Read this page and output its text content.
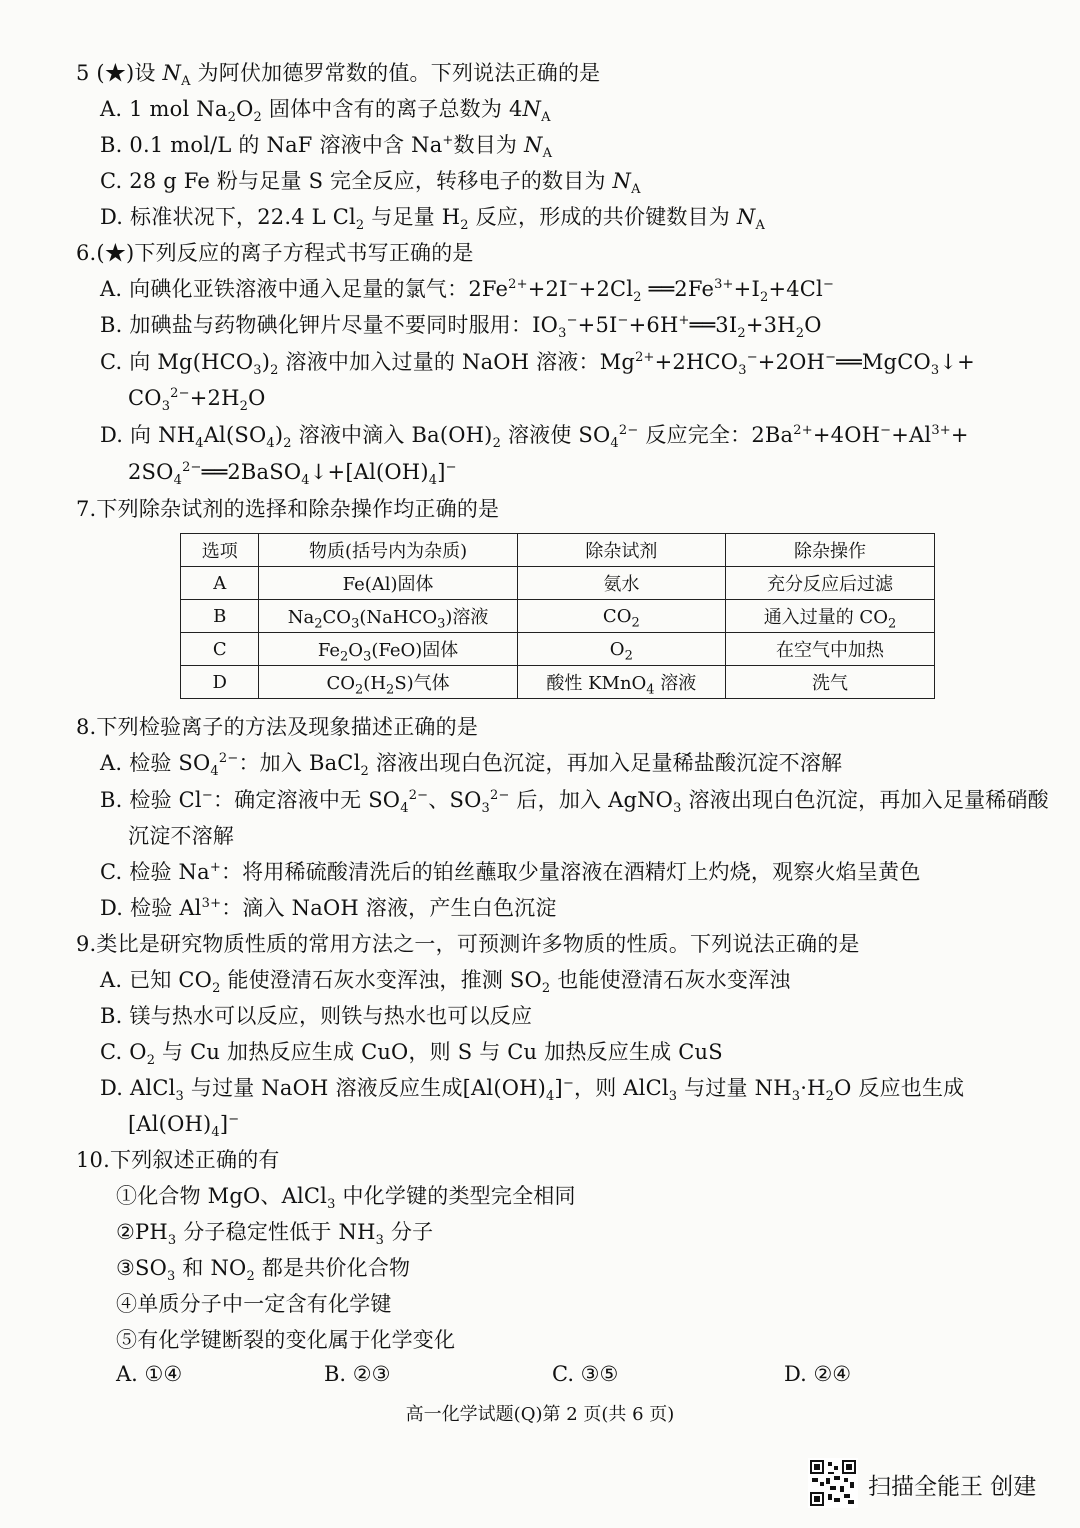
5 (★)设 $N_A$ 为阿伏加德罗常数的值。下列说法正确的是
A. 1 mol $Na_2O_2$ 固体中含有的离子总数为 $4N_A$
B. 0.1 mol/L 的 NaF 溶液中含 Na+数目为 $N_A$
C. 28 g Fe 粉与足量 S 完全反应，转移电子的数目为 $N_A$
D. 标准状况下，22.4 L $Cl_2$ 与足量 $H_2$ 反应，形成的共价键数目为 $N_A$
6.(★)下列反应的离子方程式书写正确的是
A. 向碘化亚铁溶液中通入足量的氯气：$2Fe^{2+}+2I^-+2Cl_2$ $══2Fe^{3+}+I_2+4Cl^-$
B. 加碘盐与药物碘化钾片尽量不要同时服用：$IO_3^-+5I^-+6H^+══3I_2+3H_2O$
C. 向 $Mg(HCO_3)_2$ 溶液中加入过量的 NaOH 溶液：$Mg^{2+}+2HCO_3^-+2OH^-══MgCO_3↓+$
$CO_3^{2-}+2H_2O$
D. 向 $NH_4Al(SO_4)_2$ 溶液中滴入 $Ba(OH)_2$ 溶液使 $SO_4^{2-}$ 反应完全：$2Ba^{2+}+4OH^-+Al^{3+}+$
$2SO_4^{2-}══2BaSO_4↓+[Al(OH)_4]^-$
7.下列除杂试剂的选择和除杂操作均正确的是
选项	物质(括号内为杂质)	除杂试剂	除杂操作
A	Fe(Al)固体	氨水	充分反应后过滤
B	$Na_2CO_3(NaHCO_3)$溶液	$CO_2$	通入过量的 $CO_2$
C	$Fe_2O_3(FeO)$固体	$O_2$	在空气中加热
D	$CO_2(H_2S)$气体	酸性 KMnO$_4$ 溶液	洗气
8.下列检验离子的方法及现象描述正确的是
A. 检验 $SO_4^{2-}$：加入 BaCl$_2$ 溶液出现白色沉淀，再加入足量稀盐酸沉淀不溶解
B. 检验 Cl−：确定溶液中无 $SO_4^{2-}$、$SO_3^{2-}$ 后，加入 AgNO$_3$ 溶液出现白色沉淀，再加入足量稀硝酸
沉淀不溶解
C. 检验 Na+：将用稀硫酸清洗后的铂丝蘸取少量溶液在酒精灯上灼烧，观察火焰呈黄色
D. 检验 $Al^{3+}$：滴入 NaOH 溶液，产生白色沉淀
9.类比是研究物质性质的常用方法之一，可预测许多物质的性质。下列说法正确的是
A. 已知 $CO_2$ 能使澄清石灰水变浑浊，推测 $SO_2$ 也能使澄清石灰水变浑浊
B. 镁与热水可以反应，则铁与热水也可以反应
C. $O_2$ 与 Cu 加热反应生成 CuO，则 S 与 Cu 加热反应生成 CuS
D. AlCl$_3$ 与过量 NaOH 溶液反应生成$[Al(OH)_4]^-$，则 AlCl$_3$ 与过量 $NH_3\cdot H_2O$ 反应也生成
$[Al(OH)_4]^-$
10.下列叙述正确的有
①化合物 MgO、AlCl$_3$ 中化学键的类型完全相同
$②PH_3$ 分子稳定性低于 $NH_3$ 分子
$③SO_3$ 和 $NO_2$ 都是共价化合物
④单质分子中一定含有化学键
⑤有化学键断裂的变化属于化学变化
A. ①④	B. ②③	C. ③⑤	D. ②④
高一化学试题(Q)第 2 页(共 6 页)
扫描全能王 创建
